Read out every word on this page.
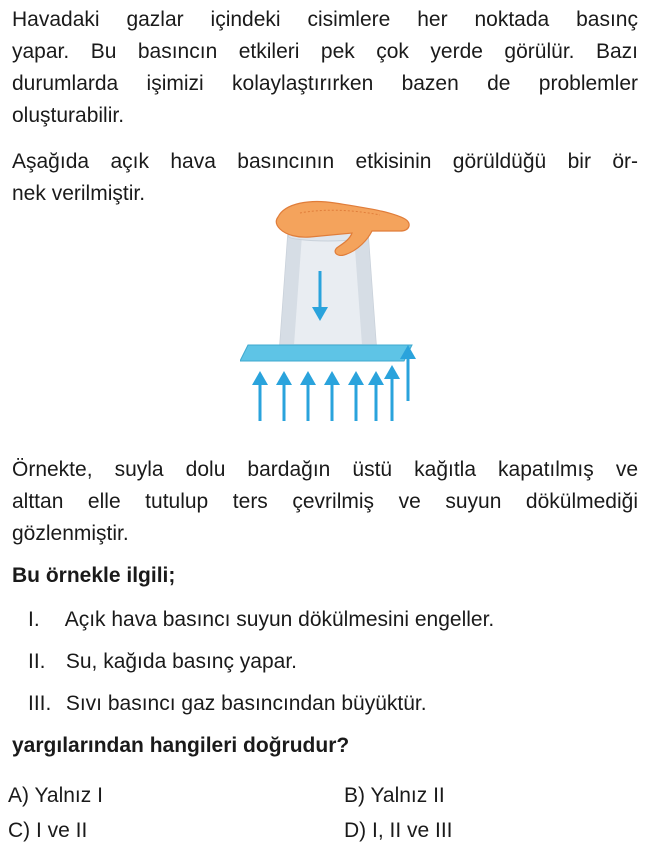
Havadaki gazlar içindeki cisimlere her noktada basınç
yapar. Bu basıncın etkileri pek çok yerde görülür. Bazı
durumlarda işimizi kolaylaştırırken bazen de problemler
oluşturabilir.
Aşağıda açık hava basıncının etkisinin görüldüğü bir ör-
nek verilmiştir.
Örnekte, suyla dolu bardağın üstü kağıtla kapatılmış ve
alttan elle tutulup ters çevrilmiş ve suyun dökülmediği
gözlenmiştir.
Bu örnekle ilgili;
I. Açık hava basıncı suyun dökülmesini engeller.
II. Su, kağıda basınç yapar.
III. Sıvı basıncı gaz basıncından büyüktür.
yargılarından hangileri doğrudur?
A) Yalnız I	B) Yalnız II
C) I ve II	D) I, II ve III
